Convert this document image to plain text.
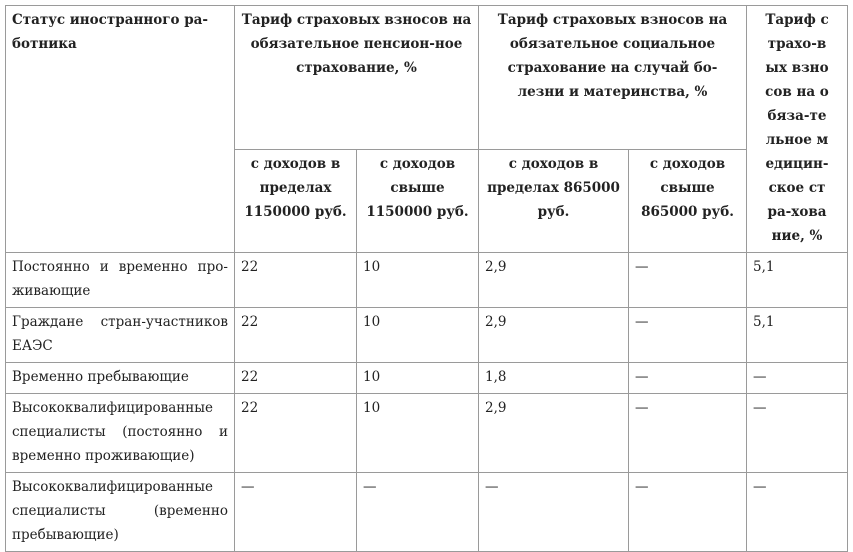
Статус иностранного ра-ботника	Тариф страховых взносов на обязательное пенсион-ное страхование, %		Тариф страховых взносов на обязательное социальное страхование на случай бо-лезни и материнства, %		Тариф страхо-вых взносов на обяза-тельное медицин-ское стра-хование, %
	с доходов в пределах 1150000 руб.	с доходов свыше 1150000 руб.	с доходов в пределах 865000 руб.	с доходов свыше 865000 руб.	
Постоянно и временно про-живающие	22	10	2,9	—	5,1
Граждане стран-участников ЕАЭС	22	10	2,9	—	5,1
Временно пребывающие	22	10	1,8	—	—
Высококвалифицированные специалисты (постоянно и временно проживающие)	22	10	2,9	—	—
Высококвалифицированные специалисты (временно пребывающие)	—	—	—	—	—
